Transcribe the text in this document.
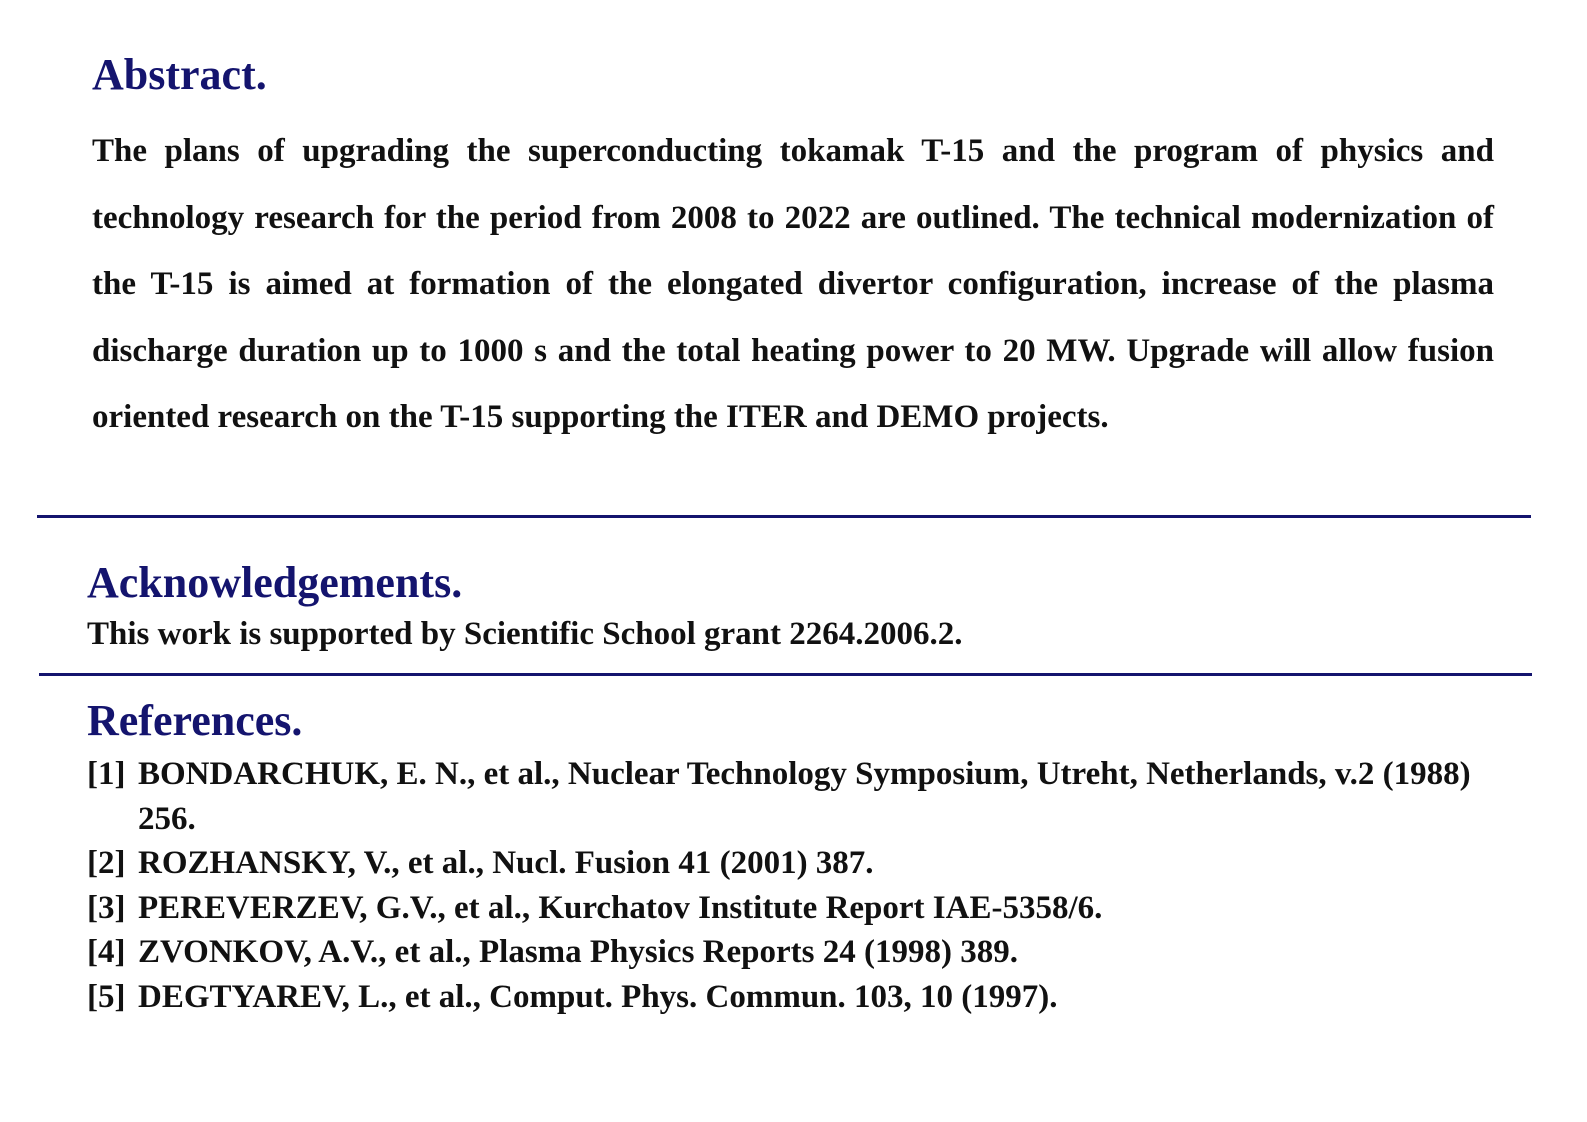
Abstract.

The plans of upgrading the superconducting tokamak T-15 and the program of physics and technology research for the period from 2008 to 2022 are outlined. The technical modernization of the T-15 is aimed at formation of the elongated divertor configuration, increase of the plasma discharge duration up to 1000 s and the total heating power to 20 MW. Upgrade will allow fusion oriented research on the T-15 supporting the ITER and DEMO projects.

Acknowledgements.

This work is supported by Scientific School grant 2264.2006.2.

References.
[1] BONDARCHUK, E. N., et al., Nuclear Technology Symposium, Utreht, Netherlands, v.2 (1988) 256.
[2] ROZHANSKY, V., et al., Nucl. Fusion 41 (2001) 387.
[3] PEREVERZEV, G.V., et al., Kurchatov Institute Report IAE-5358/6.
[4] ZVONKOV, A.V., et al., Plasma Physics Reports 24 (1998) 389.
[5] DEGTYAREV, L., et al., Comput. Phys. Commun. 103, 10 (1997).
